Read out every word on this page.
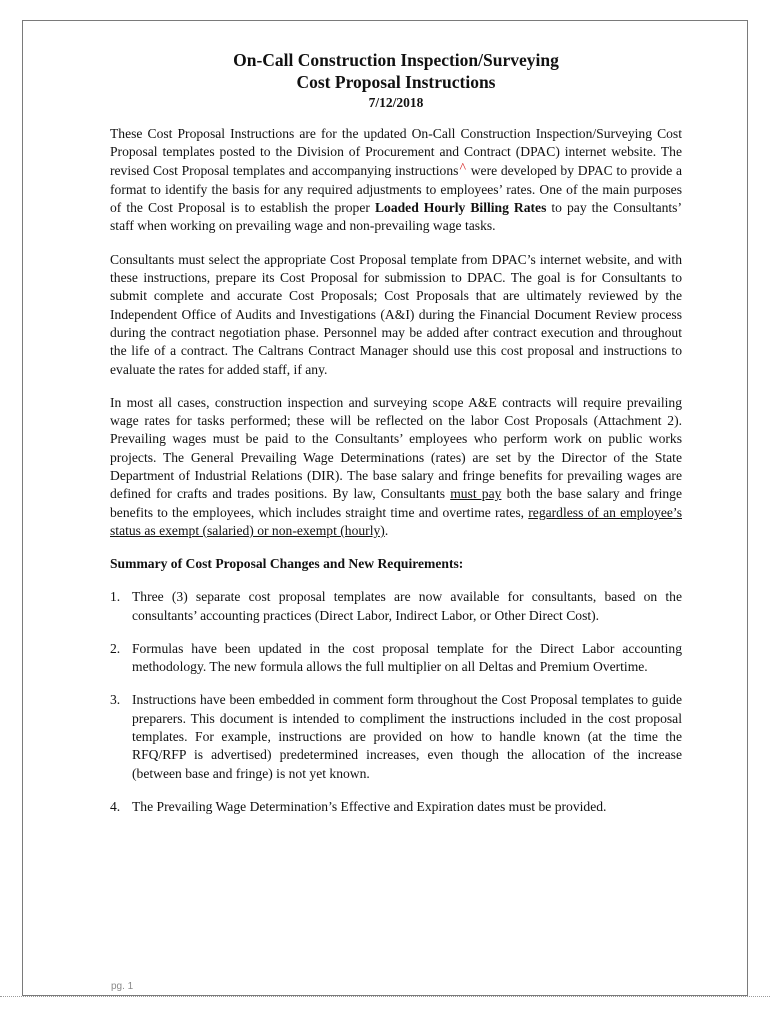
On-Call Construction Inspection/Surveying
Cost Proposal Instructions
7/12/2018

These Cost Proposal Instructions are for the updated On-Call Construction Inspection/Surveying Cost Proposal templates posted to the Division of Procurement and Contract (DPAC) internet website. The revised Cost Proposal templates and accompanying instructions^ were developed by DPAC to provide a format to identify the basis for any required adjustments to employees’ rates. One of the main purposes of the Cost Proposal is to establish the proper Loaded Hourly Billing Rates to pay the Consultants’ staff when working on prevailing wage and non-prevailing wage tasks.

Consultants must select the appropriate Cost Proposal template from DPAC’s internet website, and with these instructions, prepare its Cost Proposal for submission to DPAC. The goal is for Consultants to submit complete and accurate Cost Proposals; Cost Proposals that are ultimately reviewed by the Independent Office of Audits and Investigations (A&I) during the Financial Document Review process during the contract negotiation phase. Personnel may be added after contract execution and throughout the life of a contract. The Caltrans Contract Manager should use this cost proposal and instructions to evaluate the rates for added staff, if any.

In most all cases, construction inspection and surveying scope A&E contracts will require prevailing wage rates for tasks performed; these will be reflected on the labor Cost Proposals (Attachment 2). Prevailing wages must be paid to the Consultants’ employees who perform work on public works projects. The General Prevailing Wage Determinations (rates) are set by the Director of the State Department of Industrial Relations (DIR). The base salary and fringe benefits for prevailing wages are defined for crafts and trades positions. By law, Consultants must pay both the base salary and fringe benefits to the employees, which includes straight time and overtime rates, regardless of an employee’s status as exempt (salaried) or non-exempt (hourly).

Summary of Cost Proposal Changes and New Requirements:
1. Three (3) separate cost proposal templates are now available for consultants, based on the consultants’ accounting practices (Direct Labor, Indirect Labor, or Other Direct Cost).
2. Formulas have been updated in the cost proposal template for the Direct Labor accounting methodology. The new formula allows the full multiplier on all Deltas and Premium Overtime.
3. Instructions have been embedded in comment form throughout the Cost Proposal templates to guide preparers. This document is intended to compliment the instructions included in the cost proposal templates. For example, instructions are provided on how to handle known (at the time the RFQ/RFP is advertised) predetermined increases, even though the allocation of the increase (between base and fringe) is not yet known.
4. The Prevailing Wage Determination’s Effective and Expiration dates must be provided.
pg. 1
